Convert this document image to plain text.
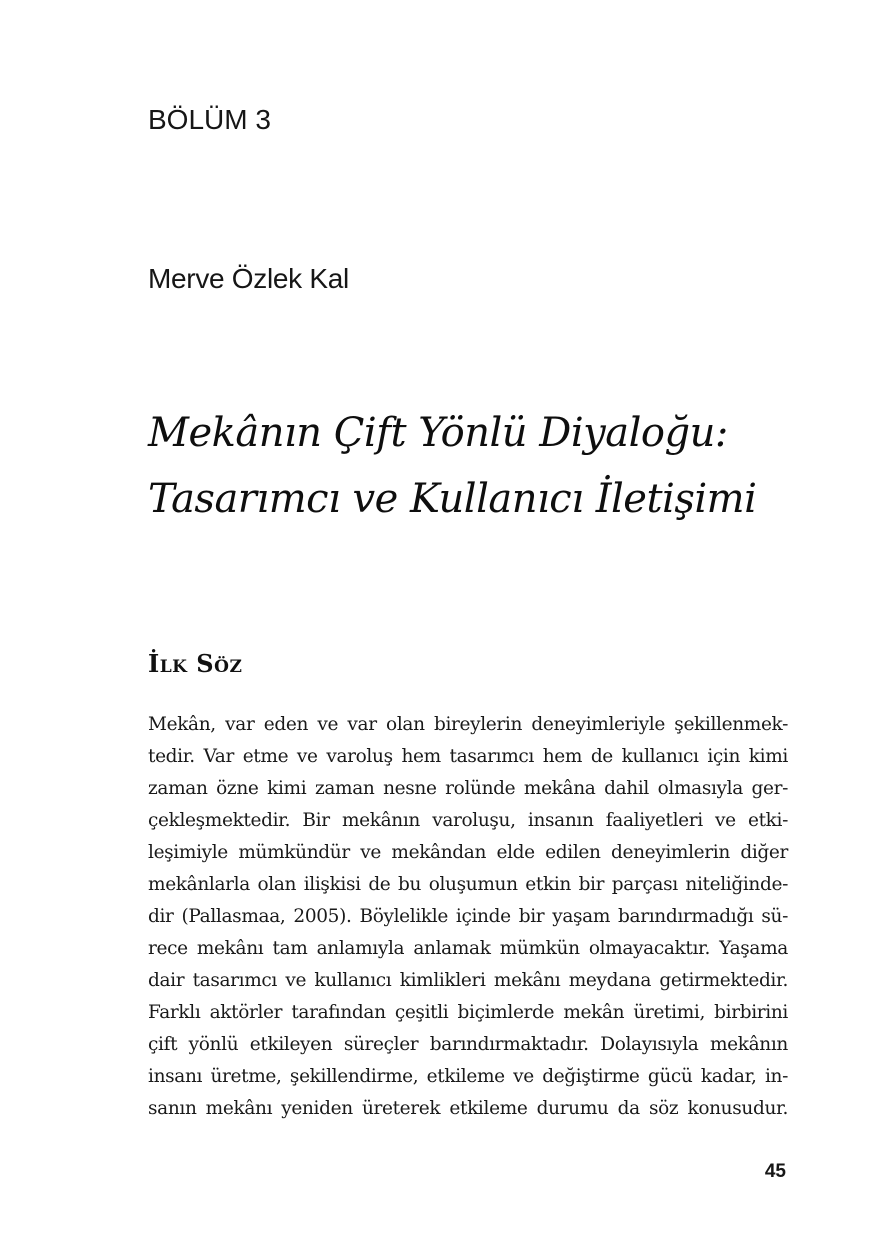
BÖLÜM 3
Merve Özlek Kal
Mekânın Çift Yönlü Diyaloğu:
Tasarımcı ve Kullanıcı İletişimi
İlk Söz
Mekân, var eden ve var olan bireylerin deneyimleriyle şekillenmek-
tedir. Var etme ve varoluş hem tasarımcı hem de kullanıcı için kimi
zaman özne kimi zaman nesne rolünde mekâna dahil olmasıyla ger-
çekleşmektedir. Bir mekânın varoluşu, insanın faaliyetleri ve etki-
leşimiyle mümkündür ve mekândan elde edilen deneyimlerin diğer
mekânlarla olan ilişkisi de bu oluşumun etkin bir parçası niteliğinde-
dir (Pallasmaa, 2005). Böylelikle içinde bir yaşam barındırmadığı sü-
rece mekânı tam anlamıyla anlamak mümkün olmayacaktır. Yaşama
dair tasarımcı ve kullanıcı kimlikleri mekânı meydana getirmektedir.
Farklı aktörler tarafından çeşitli biçimlerde mekân üretimi, birbirini
çift yönlü etkileyen süreçler barındırmaktadır. Dolayısıyla mekânın
insanı üretme, şekillendirme, etkileme ve değiştirme gücü kadar, in-
sanın mekânı yeniden üreterek etkileme durumu da söz konusudur.
45
